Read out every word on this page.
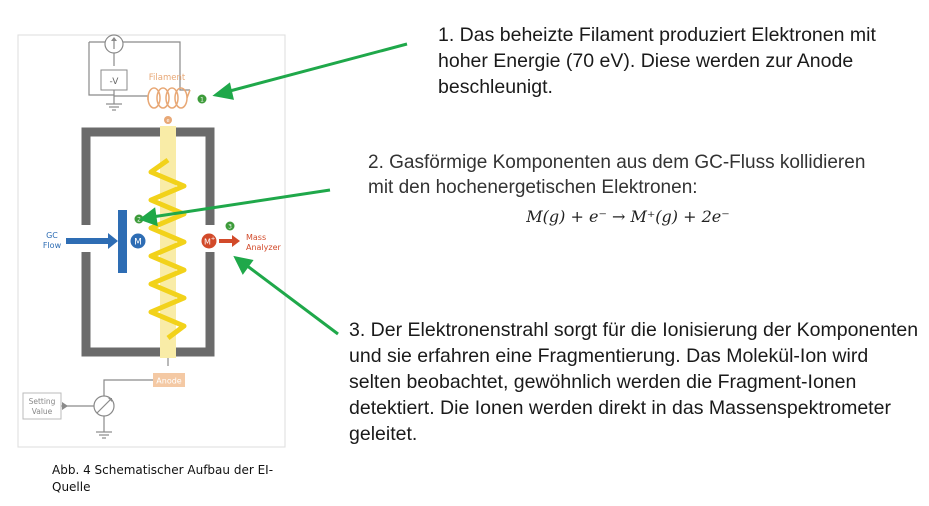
-V	Filament
e
1
GC
Flow	M
2
M +	Mass
Analyzer
3
Anode
Setting
Value
1. Das beheizte Filament produziert Elektronen mit hoher Energie (70 eV). Diese werden zur Anode beschleunigt.
2. Gasförmige Komponenten aus dem GC-Fluss kollidieren mit den hochenergetischen Elektronen:
M(g) + e⁻ → M⁺(g) + 2e⁻
3. Der Elektronenstrahl sorgt für die Ionisierung der Komponenten und sie erfahren eine Fragmentierung. Das Molekül-Ion wird selten beobachtet, gewöhnlich werden die Fragment-Ionen detektiert. Die Ionen werden direkt in das Massenspektrometer geleitet.
Abb. 4 Schematischer Aufbau der EI-Quelle
